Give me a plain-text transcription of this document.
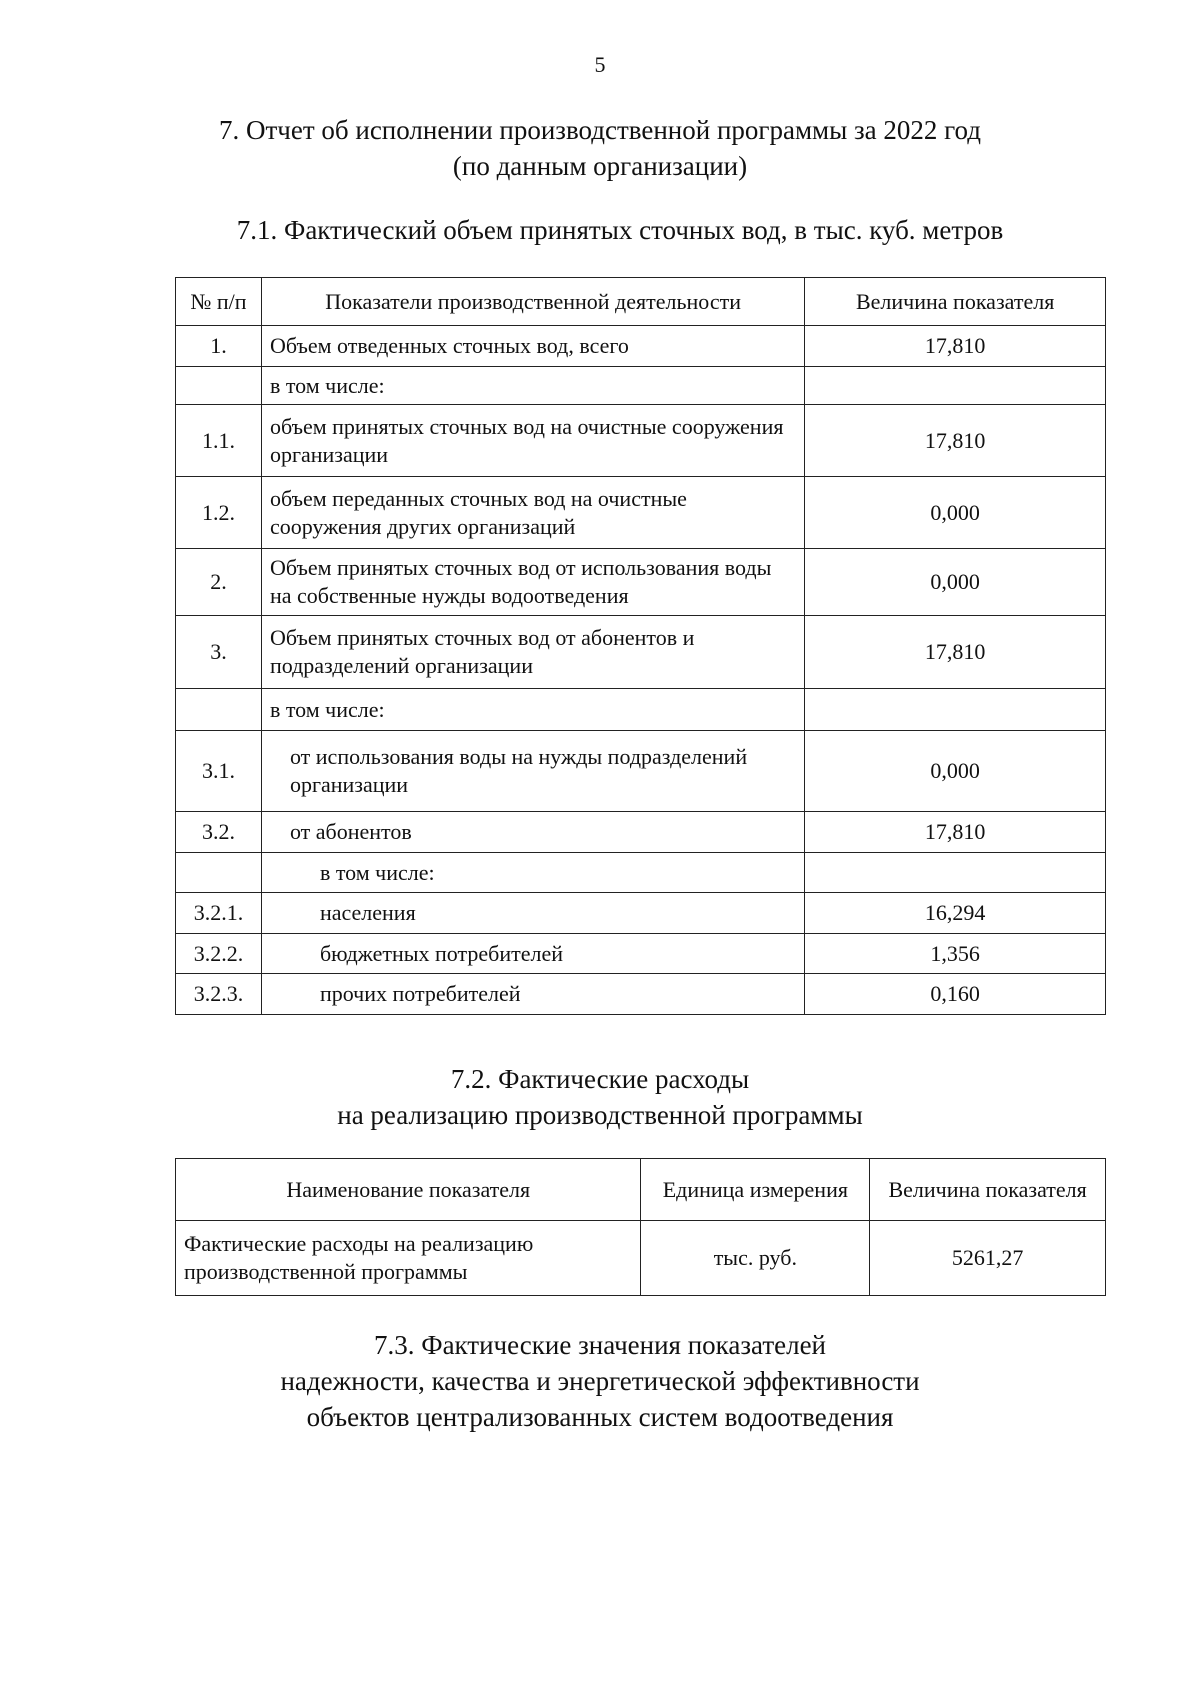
5
7. Отчет об исполнении производственной программы за 2022 год
(по данным организации)
7.1. Фактический объем принятых сточных вод, в тыс. куб. метров
№ п/п	Показатели производственной деятельности	Величина показателя
1.	Объем отведенных сточных вод, всего	17,810
	в том числе:	
1.1.	объем принятых сточных вод на очистные сооружения организации	17,810
1.2.	объем переданных сточных вод на очистные сооружения других организаций	0,000
2.	Объем принятых сточных вод от использования воды на собственные нужды водоотведения	0,000
3.	Объем принятых сточных вод от абонентов и подразделений организации	17,810
	в том числе:	
3.1.	от использования воды на нужды подразделений организации	0,000
3.2.	от абонентов	17,810
	в том числе:	
3.2.1.	населения	16,294
3.2.2.	бюджетных потребителей	1,356
3.2.3.	прочих потребителей	0,160
7.2. Фактические расходы
на реализацию производственной программы
Наименование показателя	Единица измерения	Величина показателя
Фактические расходы на реализацию производственной программы	тыс. руб.	5261,27
7.3. Фактические значения показателей
надежности, качества и энергетической эффективности
объектов централизованных систем водоотведения
